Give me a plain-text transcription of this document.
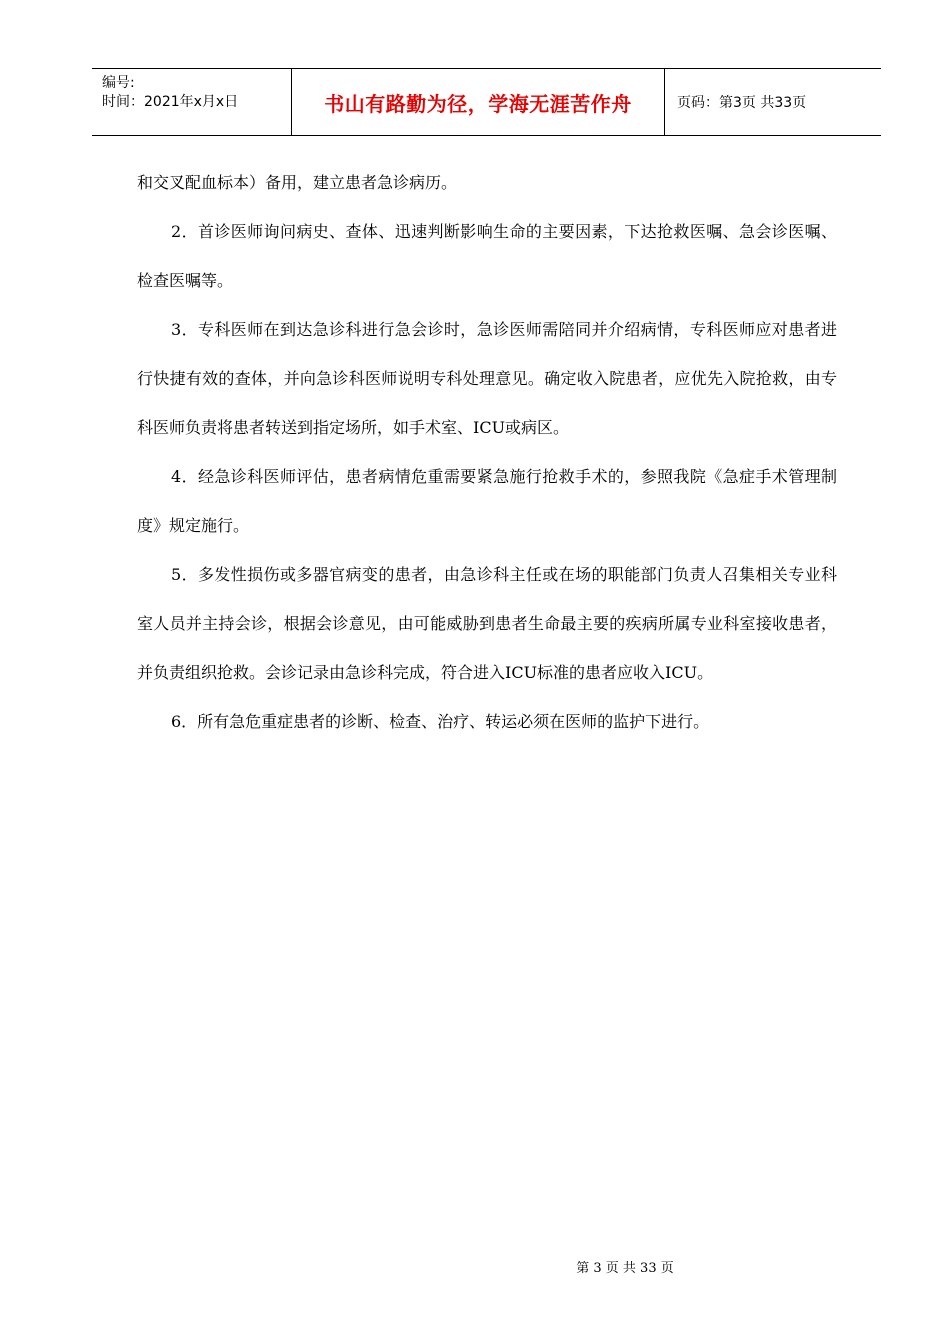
编号:
时间：2021年x月x日	书山有路勤为径，学海无涯苦作舟	页码：第3页 共33页

和交叉配血标本）备用，建立患者急诊病历。

2．首诊医师询问病史、查体、迅速判断影响生命的主要因素，下达抢救医嘱、急会诊医嘱、检查医嘱等。

3．专科医师在到达急诊科进行急会诊时，急诊医师需陪同并介绍病情，专科医师应对患者进行快捷有效的查体，并向急诊科医师说明专科处理意见。确定收入院患者，应优先入院抢救，由专科医师负责将患者转送到指定场所，如手术室、ICU或病区。

4．经急诊科医师评估，患者病情危重需要紧急施行抢救手术的，参照我院《急症手术管理制度》规定施行。

5．多发性损伤或多器官病变的患者，由急诊科主任或在场的职能部门负责人召集相关专业科室人员并主持会诊，根据会诊意见，由可能威胁到患者生命最主要的疾病所属专业科室接收患者，并负责组织抢救。会诊记录由急诊科完成，符合进入ICU标准的患者应收入ICU。

6．所有急危重症患者的诊断、检查、治疗、转运必须在医师的监护下进行。

第 3 页 共 33 页
